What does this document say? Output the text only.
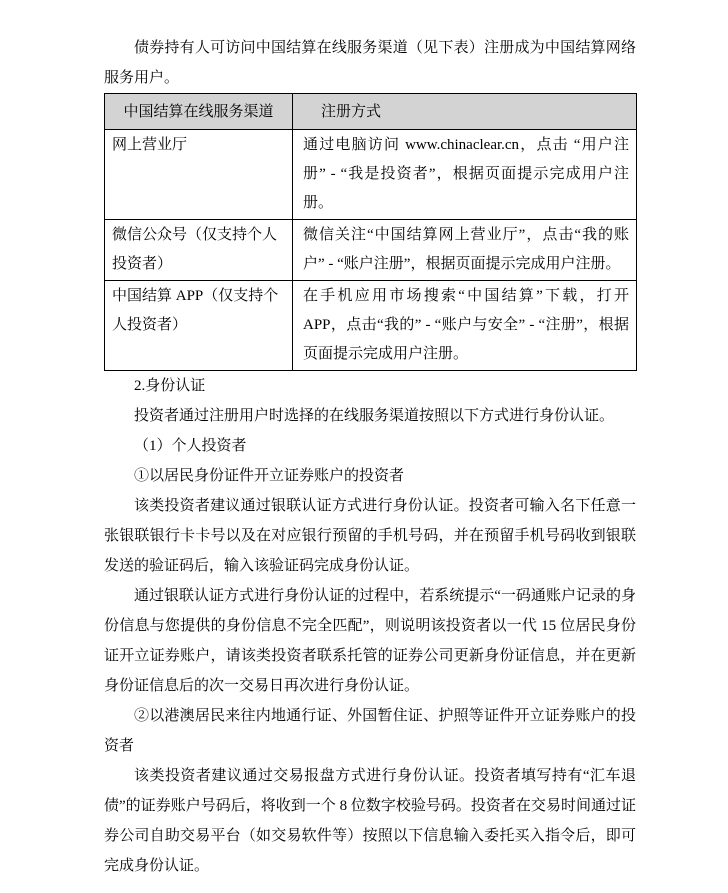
债券持有人可访问中国结算在线服务渠道（见下表）注册成为中国结算网络服务用户。

中国结算在线服务渠道	注册方式
网上营业厅	通过电脑访问 www.chinaclear.cn，点击 “用户注册” - “我是投资者”，根据页面提示完成用户注册。
微信公众号（仅支持个人投资者）	微信关注“中国结算网上营业厅”，点击“我的账户” - “账户注册”，根据页面提示完成用户注册。
中国结算 APP（仅支持个人投资者）	在手机应用市场搜索“中国结算”下载，打开 APP，点击“我的” - “账户与安全” - “注册”，根据页面提示完成用户注册。

2.身份认证

投资者通过注册用户时选择的在线服务渠道按照以下方式进行身份认证。

（1）个人投资者

①以居民身份证件开立证券账户的投资者

该类投资者建议通过银联认证方式进行身份认证。投资者可输入名下任意一张银联银行卡卡号以及在对应银行预留的手机号码，并在预留手机号码收到银联发送的验证码后，输入该验证码完成身份认证。

通过银联认证方式进行身份认证的过程中，若系统提示“一码通账户记录的身份信息与您提供的身份信息不完全匹配”，则说明该投资者以一代 15 位居民身份证开立证券账户，请该类投资者联系托管的证券公司更新身份证信息，并在更新身份证信息后的次一交易日再次进行身份认证。

②以港澳居民来往内地通行证、外国暂住证、护照等证件开立证券账户的投资者

该类投资者建议通过交易报盘方式进行身份认证。投资者填写持有“汇车退债”的证券账户号码后，将收到一个 8 位数字校验号码。投资者在交易时间通过证券公司自助交易平台（如交易软件等）按照以下信息输入委托买入指令后，即可完成身份认证。
